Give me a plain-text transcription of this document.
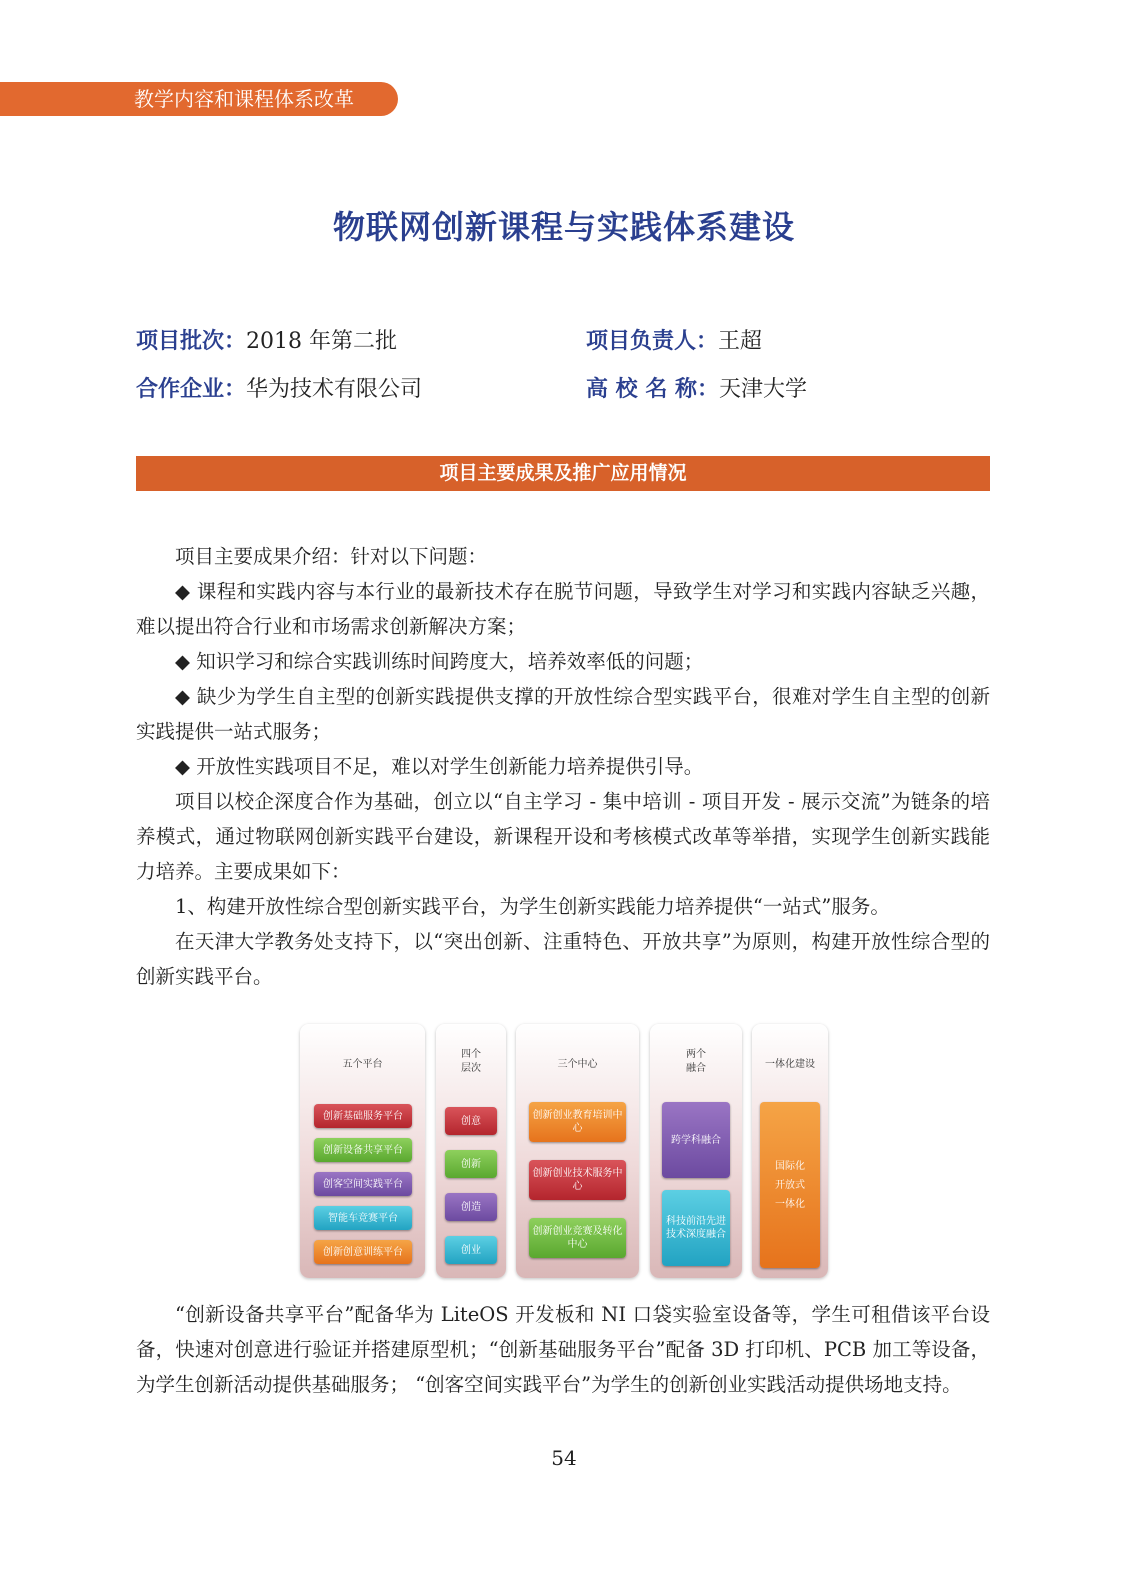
教学内容和课程体系改革
物联网创新课程与实践体系建设
项目批次：2018 年第二批	项目负责人：王超
合作企业：华为技术有限公司	高 校 名 称：天津大学
项目主要成果及推广应用情况

项目主要成果介绍：针对以下问题：

◆ 课程和实践内容与本行业的最新技术存在脱节问题，导致学生对学习和实践内容缺乏兴趣，难以提出符合行业和市场需求创新解决方案；

◆ 知识学习和综合实践训练时间跨度大，培养效率低的问题；

◆ 缺少为学生自主型的创新实践提供支撑的开放性综合型实践平台，很难对学生自主型的创新实践提供一站式服务；

◆ 开放性实践项目不足，难以对学生创新能力培养提供引导。

项目以校企深度合作为基础，创立以“自主学习 - 集中培训 - 项目开发 - 展示交流”为链条的培养模式，通过物联网创新实践平台建设，新课程开设和考核模式改革等举措，实现学生创新实践能力培养。主要成果如下：

1、构建开放性综合型创新实践平台，为学生创新实践能力培养提供“一站式”服务。

在天津大学教务处支持下，以“突出创新、注重特色、开放共享”为原则，构建开放性综合型的创新实践平台。

五个平台
创新基础服务平台
创新设备共享平台
创客空间实践平台
智能车竞赛平台
创新创意训练平台
四个
层次
创意
创新
创造
创业
三个中心
创新创业教育培训中心
创新创业技术服务中心
创新创业竞赛及转化中心
两个
融合
跨学科融合
科技前沿先进技术深度融合
一体化建设
国际化
开放式
一体化

“创新设备共享平台”配备华为 LiteOS 开发板和 NI 口袋实验室设备等，学生可租借该平台设备，快速对创意进行验证并搭建原型机；“创新基础服务平台”配备 3D 打印机、PCB 加工等设备，为学生创新活动提供基础服务； “创客空间实践平台”为学生的创新创业实践活动提供场地支持。

54
